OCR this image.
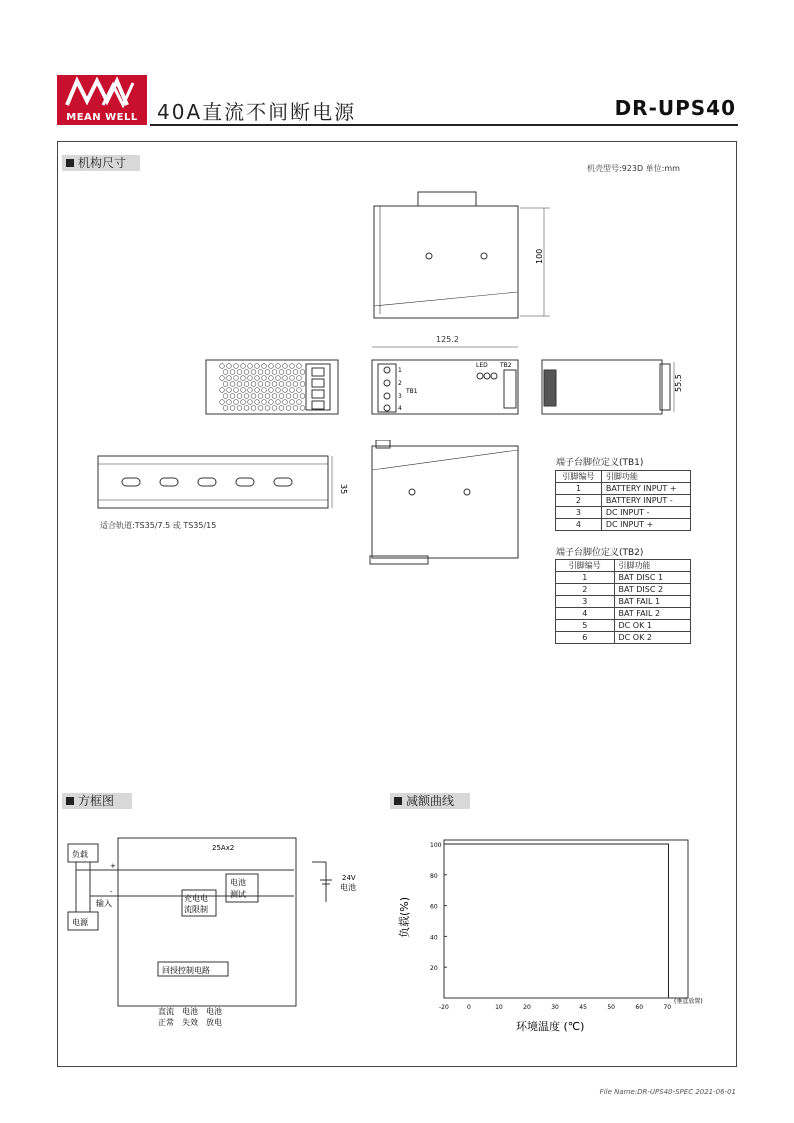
MEAN WELL 40A直流不间断电源	DR-UPS40
机构尺寸	机壳型号:923D 单位:mm
100
125.2
1
2
3
4
TB1
LED TB2
55.5
35
适合轨道:TS35/7.5 或 TS35/15
端子台脚位定义(TB1)
引脚编号	引脚功能
1	BATTERY INPUT +
2	BATTERY INPUT -
3	DC INPUT -
4	DC INPUT +
端子台脚位定义(TB2)
引脚编号	引脚功能
1	BAT DISC 1
2	BAT DISC 2
3	BAT FAIL 1
4	BAT FAIL 2
5	DC OK 1
6	DC OK 2
方框图
负载
电源
+
-
输入
25Ax2
电池
测试
充电电
流限制
回授控制电路
24V
电池
直流
正常
电池
失效
电池
放电
减额曲线
100
80
60
40
20
-20	0	10	20	30	45	50	60	70
负载(%)
环境温度 (℃)
(垂直放置)
File Name:DR-UPS40-SPEC 2021-06-01
